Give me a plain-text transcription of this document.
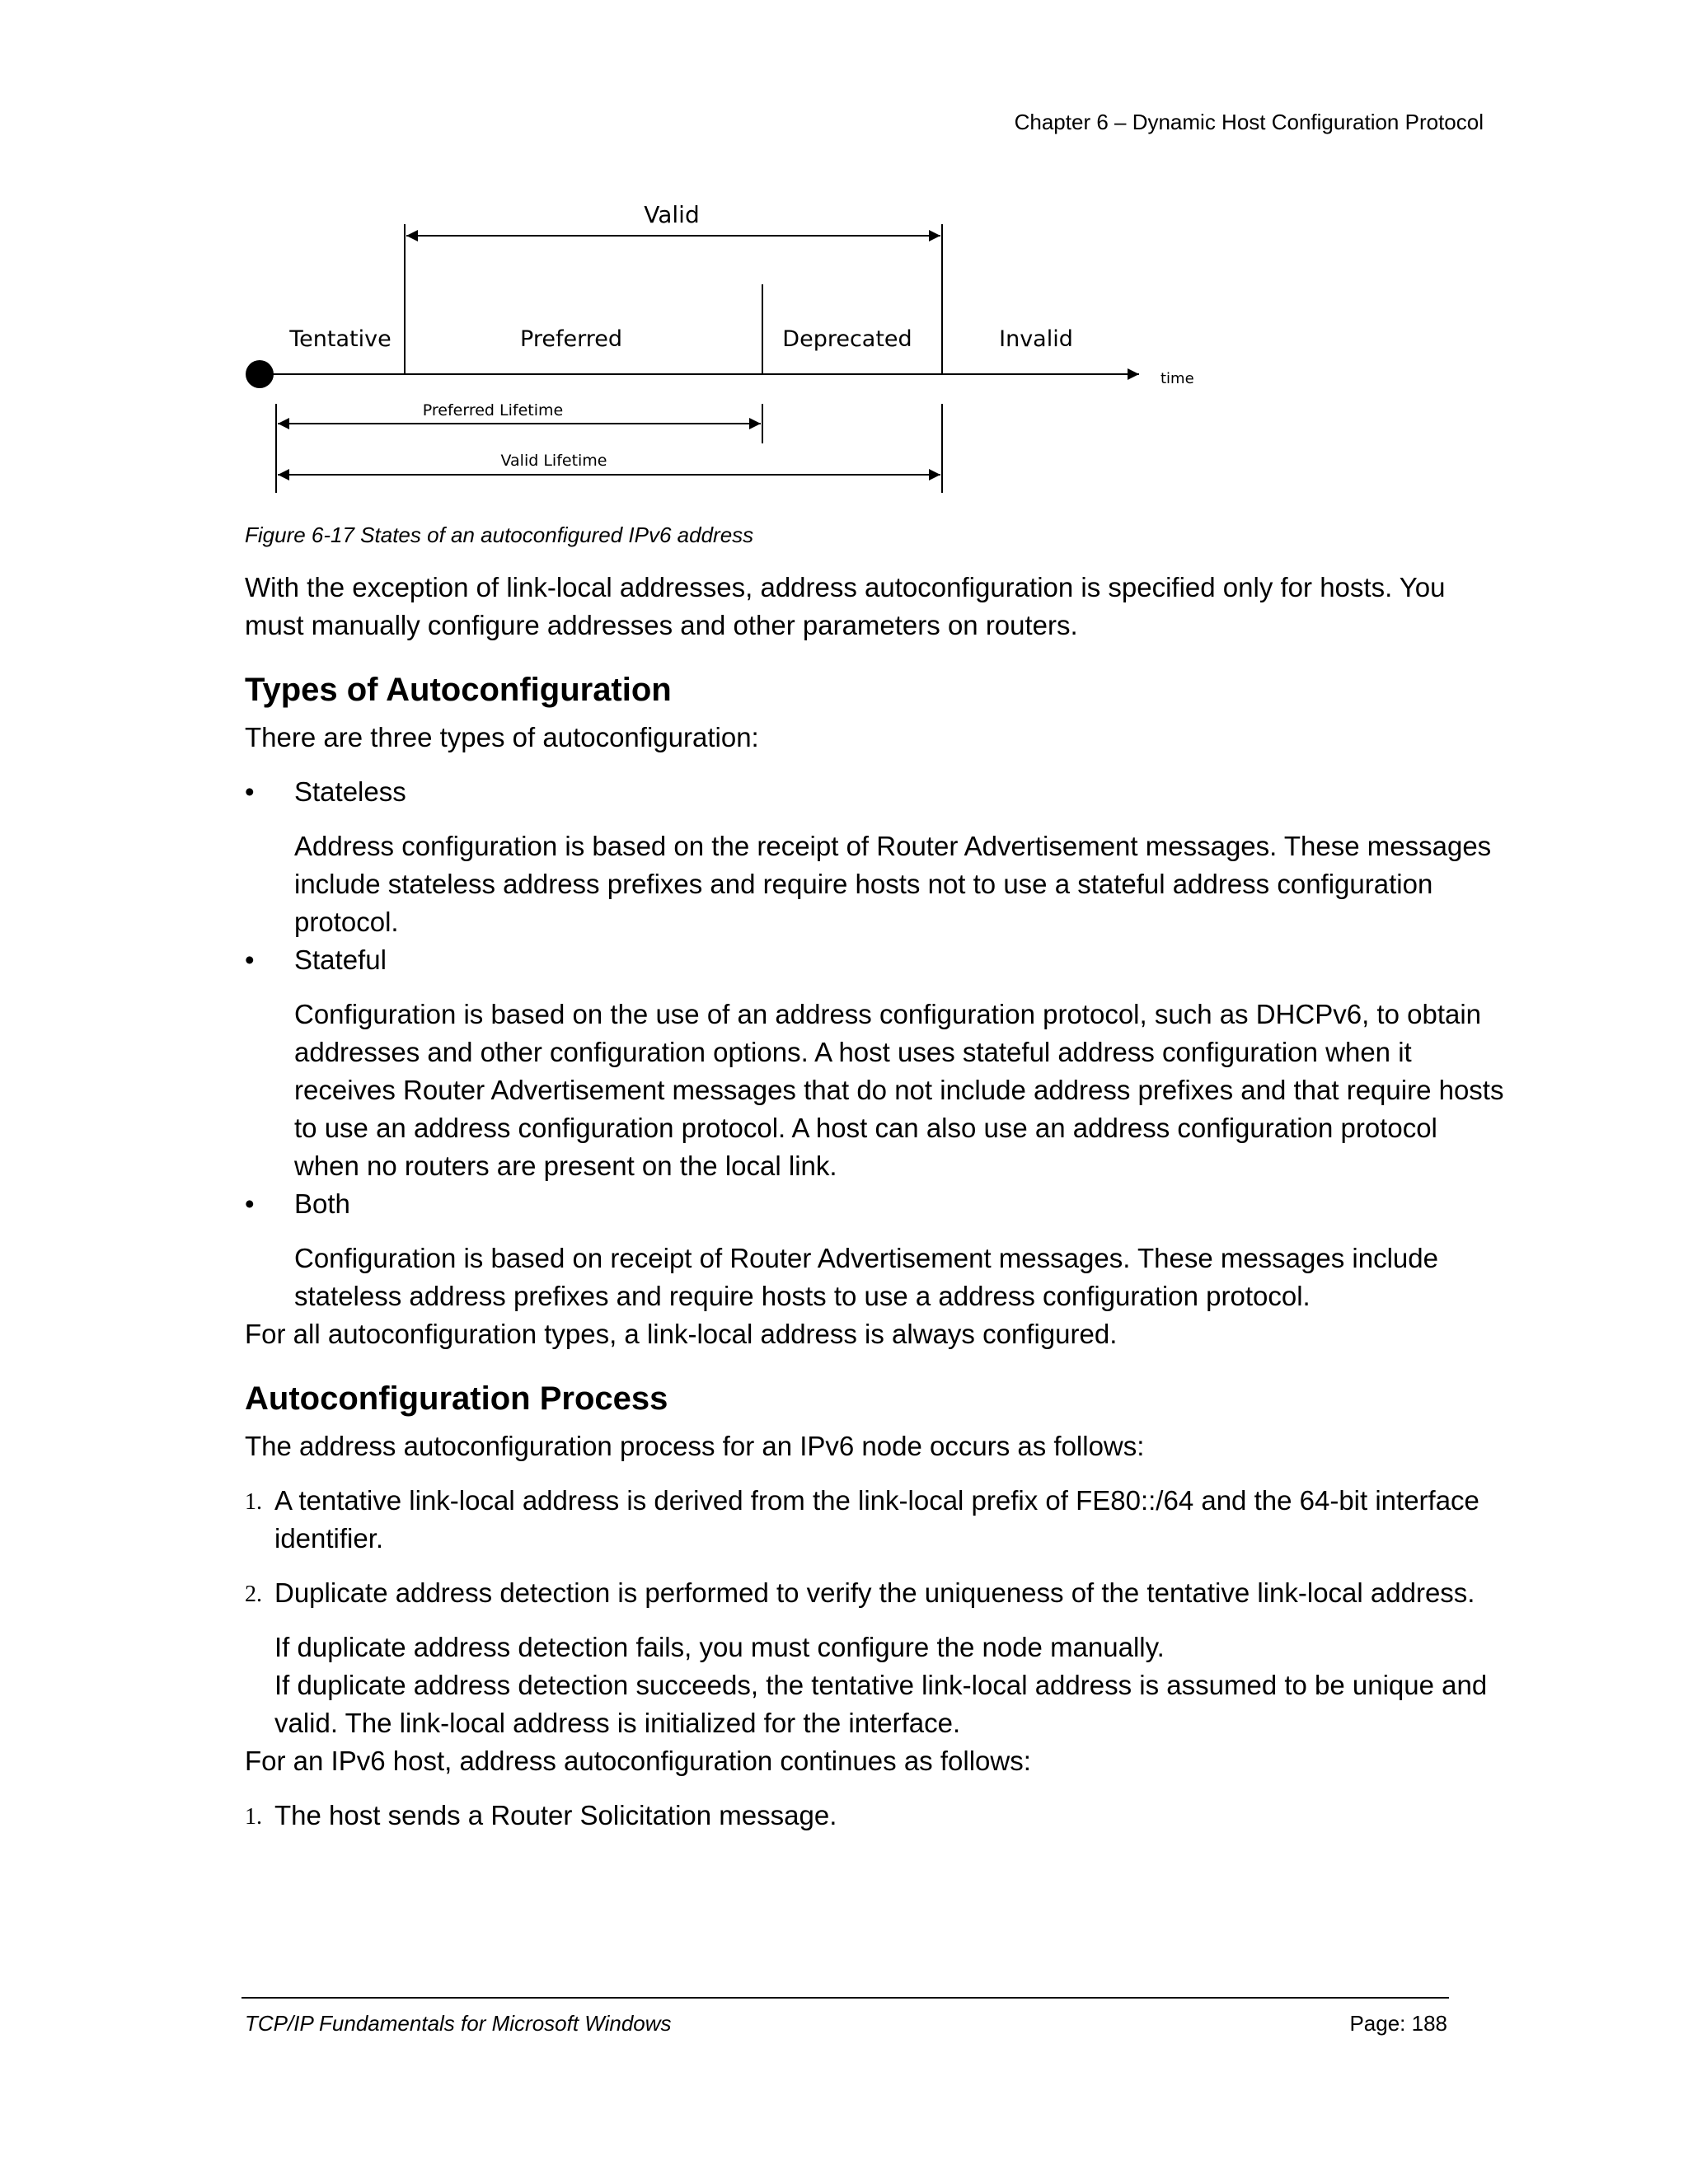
Chapter 6 – Dynamic Host Configuration Protocol
Valid
Tentative	Preferred	Deprecated	Invalid
time
Preferred Lifetime
Valid Lifetime
Figure 6-17 States of an autoconfigured IPv6 address

With the exception of link-local addresses, address autoconfiguration is specified only for hosts. You must manually configure addresses and other parameters on routers.

Types of Autoconfiguration

There are three types of autoconfiguration:

• Stateless

Address configuration is based on the receipt of Router Advertisement messages. These messages include stateless address prefixes and require hosts not to use a stateful address configuration protocol.

• Stateful

Configuration is based on the use of an address configuration protocol, such as DHCPv6, to obtain addresses and other configuration options. A host uses stateful address configuration when it receives Router Advertisement messages that do not include address prefixes and that require hosts to use an address configuration protocol. A host can also use an address configuration protocol when no routers are present on the local link.

• Both

Configuration is based on receipt of Router Advertisement messages. These messages include stateless address prefixes and require hosts to use a address configuration protocol.

For all autoconfiguration types, a link-local address is always configured.

Autoconfiguration Process

The address autoconfiguration process for an IPv6 node occurs as follows:

1. A tentative link-local address is derived from the link-local prefix of FE80::/64 and the 64-bit interface identifier.
2. Duplicate address detection is performed to verify the uniqueness of the tentative link-local address.

If duplicate address detection fails, you must configure the node manually.

If duplicate address detection succeeds, the tentative link-local address is assumed to be unique and valid. The link-local address is initialized for the interface.

For an IPv6 host, address autoconfiguration continues as follows:

1. The host sends a Router Solicitation message.
TCP/IP Fundamentals for Microsoft Windows	Page: 188
